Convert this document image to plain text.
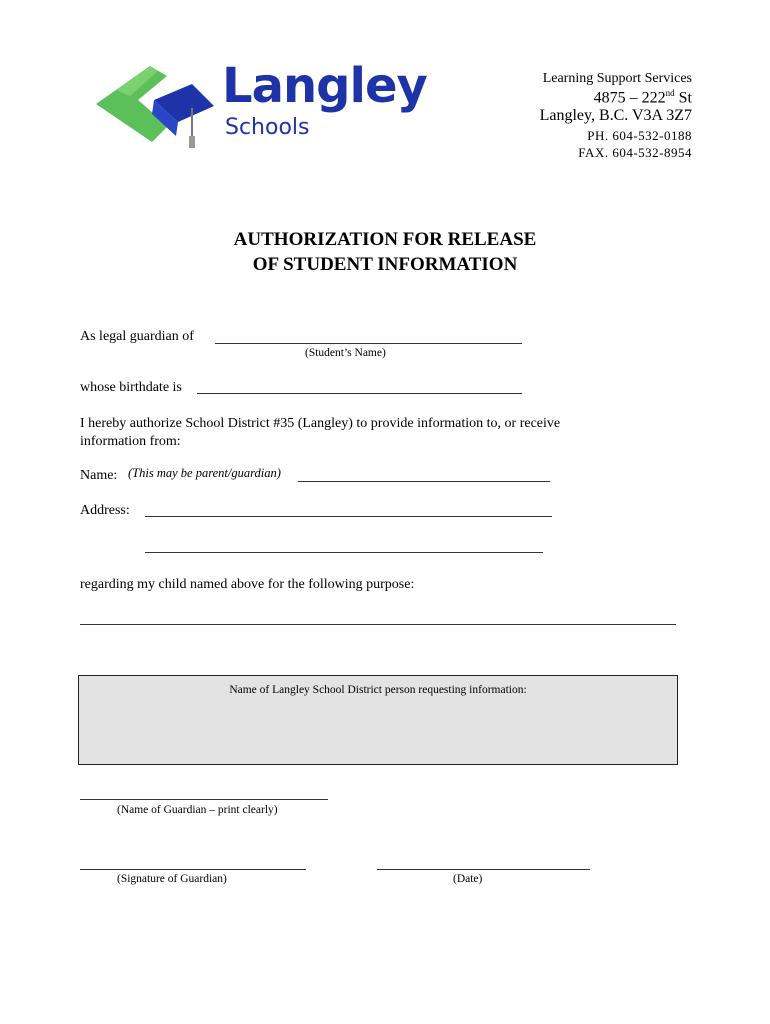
Langley
Schools
Learning Support Services
4875 – 222nd St
Langley, B.C. V3A 3Z7
PH. 604-532-0188
FAX. 604-532-8954
AUTHORIZATION FOR RELEASE
OF STUDENT INFORMATION
As legal guardian of
(Student’s Name)
whose birthdate is
I hereby authorize School District #35 (Langley) to provide information to, or receive
information from:
Name: (This may be parent/guardian)
Address:
regarding my child named above for the following purpose:
Name of Langley School District person requesting information:
(Name of Guardian – print clearly)
(Signature of Guardian)	(Date)
